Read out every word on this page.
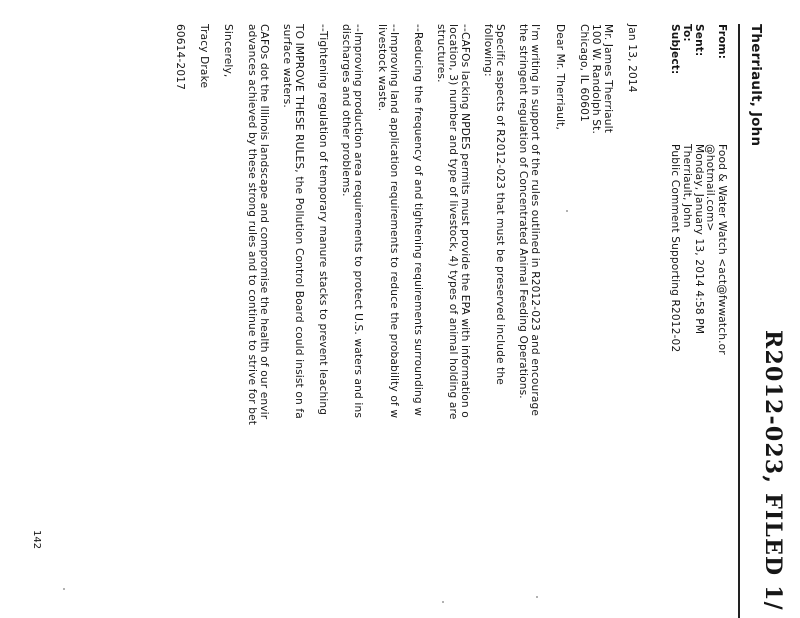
R2012-023, FILED 1/
Therriault, John
From:
Food & Water Watch <act@fwwatch.or
@hotmail.com>
Sent:
Monday, January 13, 2014 4:58 PM
To:
Therriault, John
Subject:
Public Comment Supporting R2012-02
Jan 13, 2014
Mr. James Therriault
100 W. Randolph St.
Chicago, IL 60601
Dear Mr. Therriault,
I'm writing in support of the rules outlined in R2012-023 and encourage
the stringent regulation of Concentrated Animal Feeding Operations.
Specific aspects of R2012-023 that must be preserved include the
following:
--CAFOs lacking NPDES permits must provide the EPA with information o
location, 3) number and type of livestock, 4) types of animal holding are
structures.
--Reducing the frequency of and tightening requirements surrounding w
--Improving land application requirements to reduce the probability of w
livestock waste.
--Improving production area requirements to protect U.S. waters and ins
discharges and other problems.
--Tightening regulation of temporary manure stacks to prevent leaching
TO IMPROVE THESE RULES, the Pollution Control Board could insist on fa
surface waters.
CAFOs dot the Illinois landscape and compromise the health of our envir
advances achieved by these strong rules and to continue to strive for bet
Sincerely,
Tracy Drake
60614-2017
142
